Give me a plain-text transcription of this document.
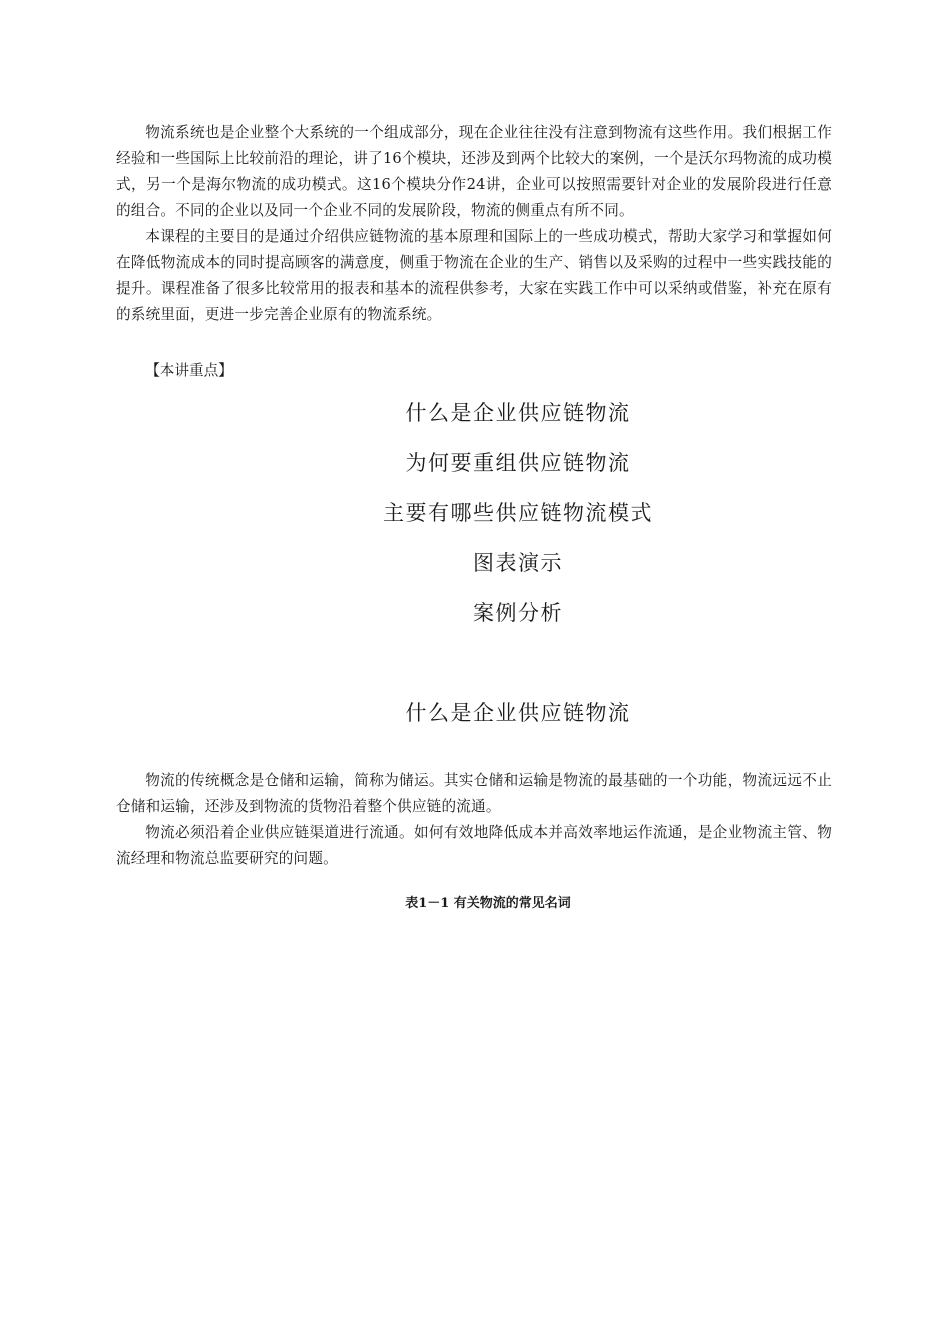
物流系统也是企业整个大系统的一个组成部分，现在企业往往没有注意到物流有这些作用。我们根据工作经验和一些国际上比较前沿的理论，讲了16个模块，还涉及到两个比较大的案例，一个是沃尔玛物流的成功模式，另一个是海尔物流的成功模式。这16个模块分作24讲，企业可以按照需要针对企业的发展阶段进行任意的组合。不同的企业以及同一个企业不同的发展阶段，物流的侧重点有所不同。

本课程的主要目的是通过介绍供应链物流的基本原理和国际上的一些成功模式，帮助大家学习和掌握如何在降低物流成本的同时提高顾客的满意度，侧重于物流在企业的生产、销售以及采购的过程中一些实践技能的提升。课程准备了很多比较常用的报表和基本的流程供参考，大家在实践工作中可以采纳或借鉴，补充在原有的系统里面，更进一步完善企业原有的物流系统。

【本讲重点】

什么是企业供应链物流
为何要重组供应链物流
主要有哪些供应链物流模式
图表演示
案例分析
什么是企业供应链物流

物流的传统概念是仓储和运输，简称为储运。其实仓储和运输是物流的最基础的一个功能，物流远远不止仓储和运输，还涉及到物流的货物沿着整个供应链的流通。

物流必须沿着企业供应链渠道进行流通。如何有效地降低成本并高效率地运作流通，是企业物流主管、物流经理和物流总监要研究的问题。

表1－1 有关物流的常见名词
